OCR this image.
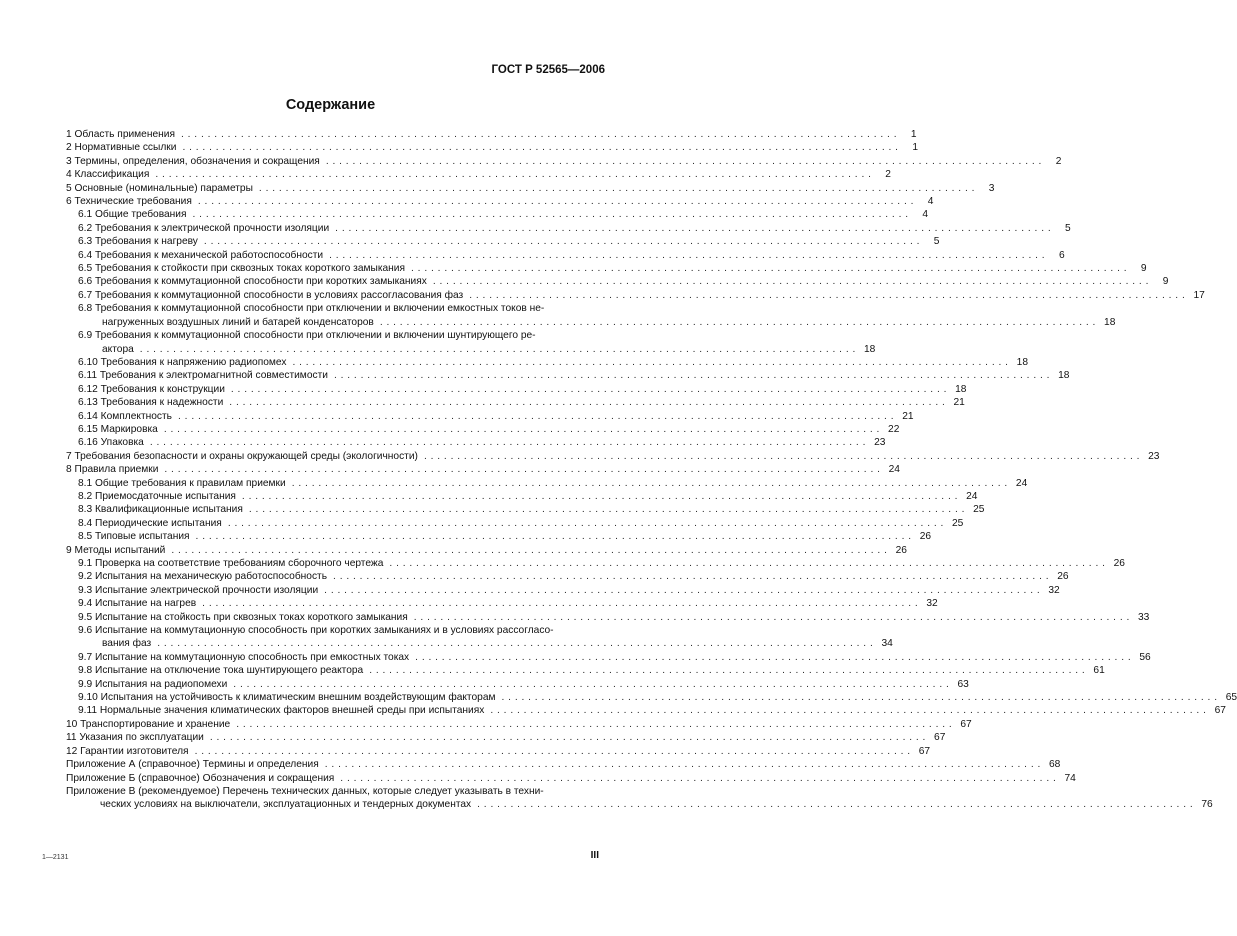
ГОСТ Р 52565—2006
Содержание
1 Область применения . . .	1
2 Нормативные ссылки . . .	1
3 Термины, определения, обозначения и сокращения . . .	2
4 Классификация . . .	2
5 Основные (номинальные) параметры . . .	3
6 Технические требования . . .	4
6.1 Общие требования . . .	4
6.2 Требования к электрической прочности изоляции . . .	5
6.3 Требования к нагреву . . .	5
6.4 Требования к механической работоспособности . . .	6
6.5 Требования к стойкости при сквозных токах короткого замыкания . . .	9
6.6 Требования к коммутационной способности при коротких замыканиях . . .	9
6.7 Требования к коммутационной способности в условиях рассогласования фаз . . .	17
6.8 Требования к коммутационной способности при отключении и включении емкостных токов не-
нагруженных воздушных линий и батарей конденсаторов . . .	18
6.9 Требования к коммутационной способности при отключении и включении шунтирующего ре-
актора . . .	18
6.10 Требования к напряжению радиопомех . . .	18
6.11 Требования к электромагнитной совместимости . . .	18
6.12 Требования к конструкции . . .	18
6.13 Требования к надежности . . .	21
6.14 Комплектность . . .	21
6.15 Маркировка . . .	22
6.16 Упаковка . . .	23
7 Требования безопасности и охраны окружающей среды (экологичности) . . .	23
8 Правила приемки . . .	24
8.1 Общие требования к правилам приемки . . .	24
8.2 Приемосдаточные испытания . . .	24
8.3 Квалификационные испытания . . .	25
8.4 Периодические испытания . . .	25
8.5 Типовые испытания . . .	26
9 Методы испытаний . . .	26
9.1 Проверка на соответствие требованиям сборочного чертежа . . .	26
9.2 Испытания на механическую работоспособность . . .	26
9.3 Испытание электрической прочности изоляции . . .	32
9.4 Испытание на нагрев . . .	32
9.5 Испытание на стойкость при сквозных токах короткого замыкания . . .	33
9.6 Испытание на коммутационную способность при коротких замыканиях и в условиях рассогласо-
вания фаз . . .	34
9.7 Испытание на коммутационную способность при емкостных токах . . .	56
9.8 Испытание на отключение тока шунтирующего реактора . . .	61
9.9 Испытания на радиопомехи . . .	63
9.10 Испытания на устойчивость к климатическим внешним воздействующим факторам . . .	65
9.11 Нормальные значения климатических факторов внешней среды при испытаниях . . .	67
10 Транспортирование и хранение . . .	67
11 Указания по эксплуатации . . .	67
12 Гарантии изготовителя . . .	67
Приложение А (справочное) Термины и определения . . .	68
Приложение Б (справочное) Обозначения и сокращения . . .	74
Приложение В (рекомендуемое) Перечень технических данных, которые следует указывать в техни-
ческих условиях на выключатели, эксплуатационных и тендерных документах . . .	76
1—2131	III
